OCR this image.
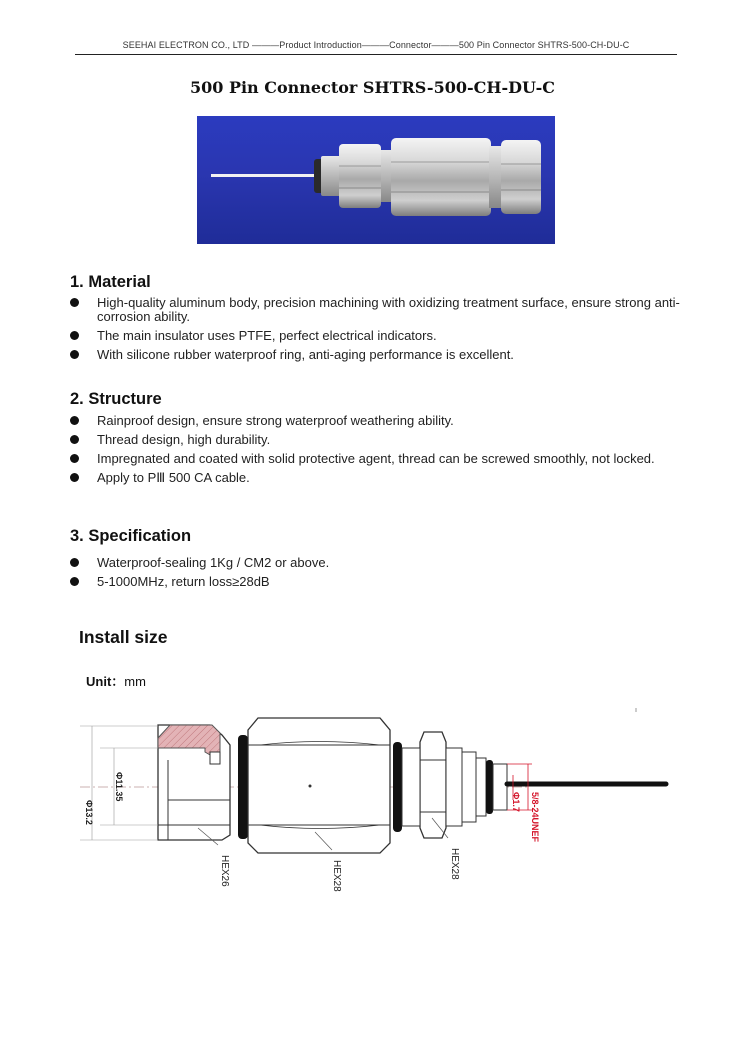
SEEHAI ELECTRON CO., LTD ———Product Introduction———Connector———500 Pin Connector SHTRS-500-CH-DU-C
500 Pin Connector SHTRS-500-CH-DU-C
1. Material
High-quality aluminum body, precision machining with oxidizing treatment surface, ensure strong anti-corrosion ability.
The main insulator uses PTFE, perfect electrical indicators.
With silicone rubber waterproof ring, anti-aging performance is excellent.
2. Structure
Rainproof design, ensure strong waterproof weathering ability.
Thread design, high durability.
Impregnated and coated with solid protective agent, thread can be screwed smoothly, not locked.
Apply to PⅢ 500 CA cable.
3. Specification
Waterproof-sealing 1Kg / CM2 or above.
5-1000MHz, return loss≥28dB
Install size
Unit：mm
Φ13.2
Φ11.35
HEX26	HEX28	HEX28
Φ1.7 5/8-24UNEF
